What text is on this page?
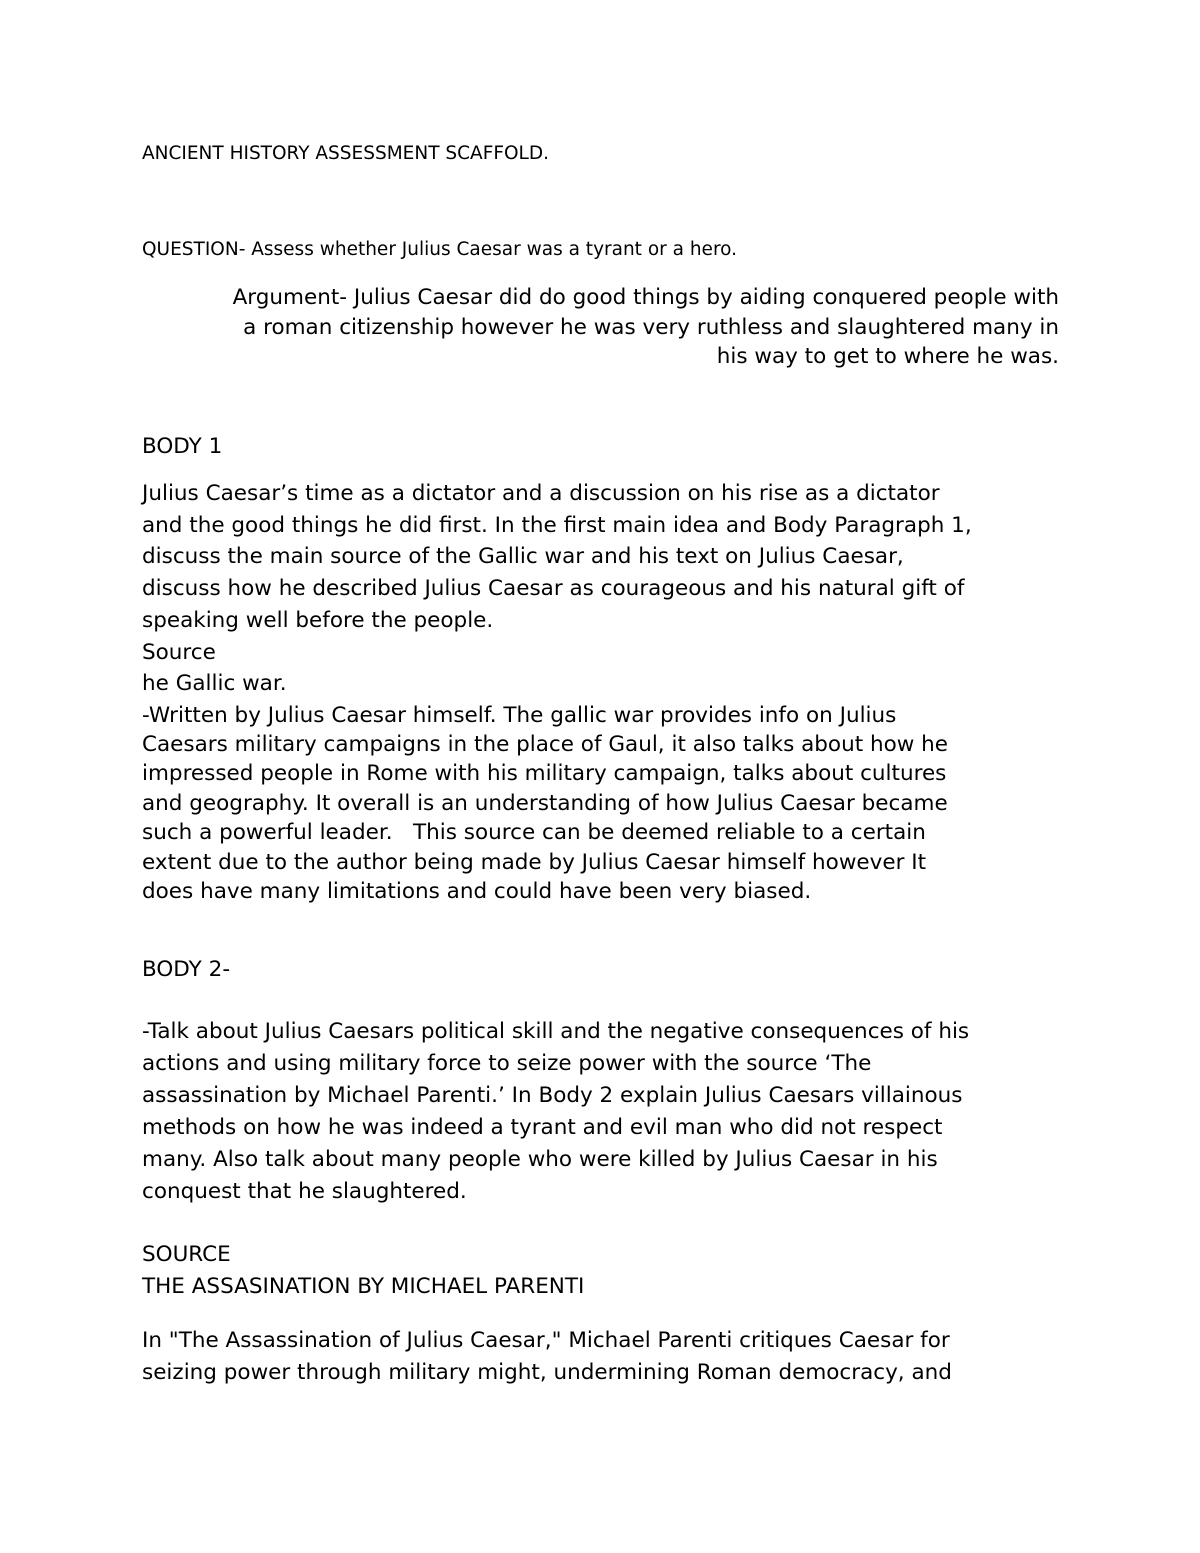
ANCIENT HISTORY ASSESSMENT SCAFFOLD.
QUESTION- Assess whether Julius Caesar was a tyrant or a hero.
Argument- Julius Caesar did do good things by aiding conquered people with
a roman citizenship however he was very ruthless and slaughtered many in
his way to get to where he was.
BODY 1
Julius Caesar’s time as a dictator and a discussion on his rise as a dictator
and the good things he did first. In the first main idea and Body Paragraph 1,
discuss the main source of the Gallic war and his text on Julius Caesar,
discuss how he described Julius Caesar as courageous and his natural gift of
speaking well before the people.
Source
he Gallic war.
-Written by Julius Caesar himself. The gallic war provides info on Julius
Caesars military campaigns in the place of Gaul, it also talks about how he
impressed people in Rome with his military campaign, talks about cultures
and geography. It overall is an understanding of how Julius Caesar became
such a powerful leader.   This source can be deemed reliable to a certain
extent due to the author being made by Julius Caesar himself however It
does have many limitations and could have been very biased.
BODY 2-
-Talk about Julius Caesars political skill and the negative consequences of his
actions and using military force to seize power with the source ‘The
assassination by Michael Parenti.’ In Body 2 explain Julius Caesars villainous
methods on how he was indeed a tyrant and evil man who did not respect
many. Also talk about many people who were killed by Julius Caesar in his
conquest that he slaughtered.
SOURCE
THE ASSASINATION BY MICHAEL PARENTI
In "The Assassination of Julius Caesar," Michael Parenti critiques Caesar for
seizing power through military might, undermining Roman democracy, and
